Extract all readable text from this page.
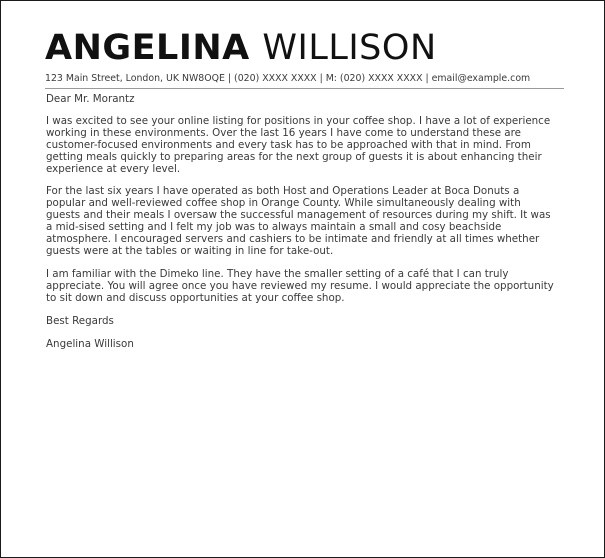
ANGELINA WILLISON
123 Main Street, London, UK NW8OQE | (020) XXXX XXXX | M: (020) XXXX XXXX | email@example.com

Dear Mr. Morantz

I was excited to see your online listing for positions in your coffee shop. I have a lot of experience working in these environments. Over the last 16 years I have come to understand these are customer-focused environments and every task has to be approached with that in mind. From getting meals quickly to preparing areas for the next group of guests it is about enhancing their experience at every level.

For the last six years I have operated as both Host and Operations Leader at Boca Donuts a popular and well-reviewed coffee shop in Orange County. While simultaneously dealing with guests and their meals I oversaw the successful management of resources during my shift. It was a mid-sised setting and I felt my job was to always maintain a small and cosy beachside atmosphere. I encouraged servers and cashiers to be intimate and friendly at all times whether guests were at the tables or waiting in line for take-out.

I am familiar with the Dimeko line. They have the smaller setting of a café that I can truly appreciate. You will agree once you have reviewed my resume. I would appreciate the opportunity to sit down and discuss opportunities at your coffee shop.

Best Regards

Angelina Willison
